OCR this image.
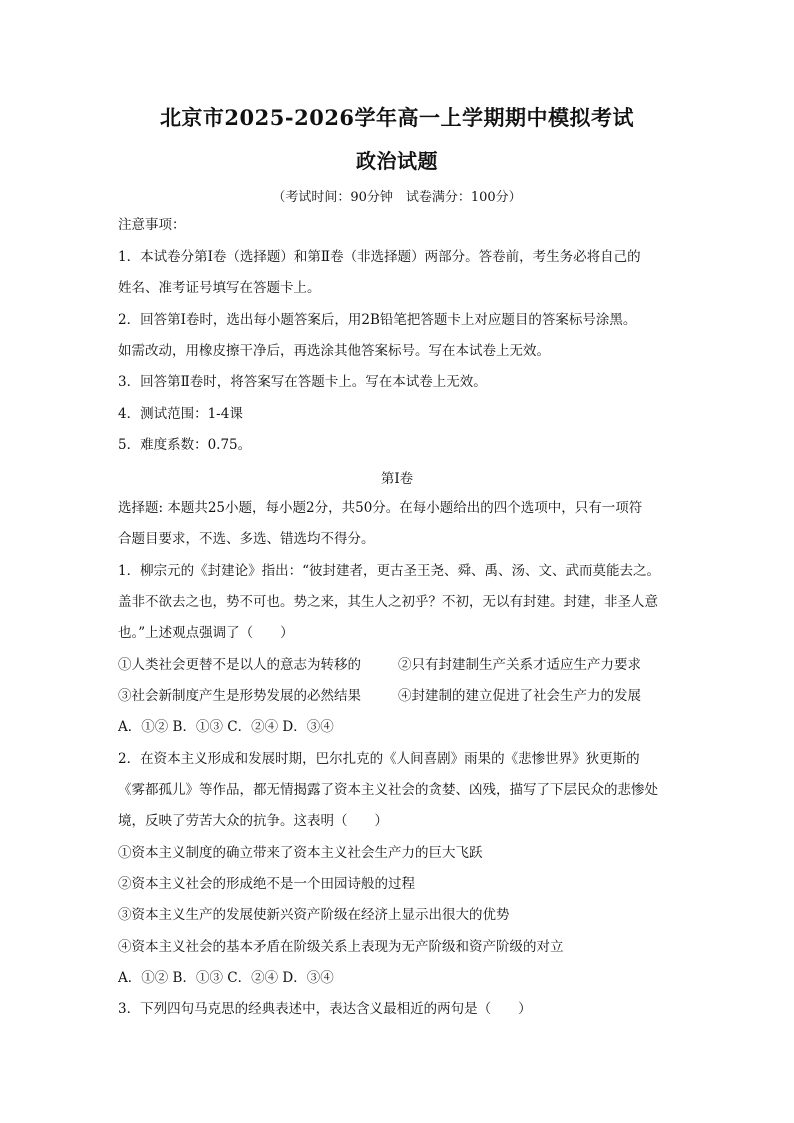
北京市2025-2026学年高一上学期期中模拟考试
政治试题
（考试时间：90分钟　试卷满分：100分）
注意事项：
1．本试卷分第Ⅰ卷（选择题）和第Ⅱ卷（非选择题）两部分。答卷前，考生务必将自己的
姓名、准考证号填写在答题卡上。
2．回答第Ⅰ卷时，选出每小题答案后，用2B铅笔把答题卡上对应题目的答案标号涂黑。
如需改动，用橡皮擦干净后，再选涂其他答案标号。写在本试卷上无效。
3．回答第Ⅱ卷时，将答案写在答题卡上。写在本试卷上无效。
4．测试范围：1-4课
5．难度系数：0.75。
第Ⅰ卷
选择题: 本题共25小题，每小题2分，共50分。在每小题给出的四个选项中，只有一项符
合题目要求，不选、多选、错选均不得分。
1．柳宗元的《封建论》指出：“彼封建者，更古圣王尧、舜、禹、汤、文、武而莫能去之。
盖非不欲去之也，势不可也。势之来，其生人之初乎？不初，无以有封建。封建，非圣人意
也。”上述观点强调了（　　）
①人类社会更替不是以人的意志为转移的	②只有封建制生产关系才适应生产力要求
③社会新制度产生是形势发展的必然结果	④封建制的建立促进了社会生产力的发展
A．①② B．①③ C．②④ D．③④
2．在资本主义形成和发展时期，巴尔扎克的《人间喜剧》雨果的《悲惨世界》狄更斯的
《雾都孤儿》等作品，都无情揭露了资本主义社会的贪婪、凶残，描写了下层民众的悲惨处
境，反映了劳苦大众的抗争。这表明（　　）
①资本主义制度的确立带来了资本主义社会生产力的巨大飞跃
②资本主义社会的形成绝不是一个田园诗般的过程
③资本主义生产的发展使新兴资产阶级在经济上显示出很大的优势
④资本主义社会的基本矛盾在阶级关系上表现为无产阶级和资产阶级的对立
A．①② B．①③ C．②④ D．③④
3．下列四句马克思的经典表述中，表达含义最相近的两句是（　　）
